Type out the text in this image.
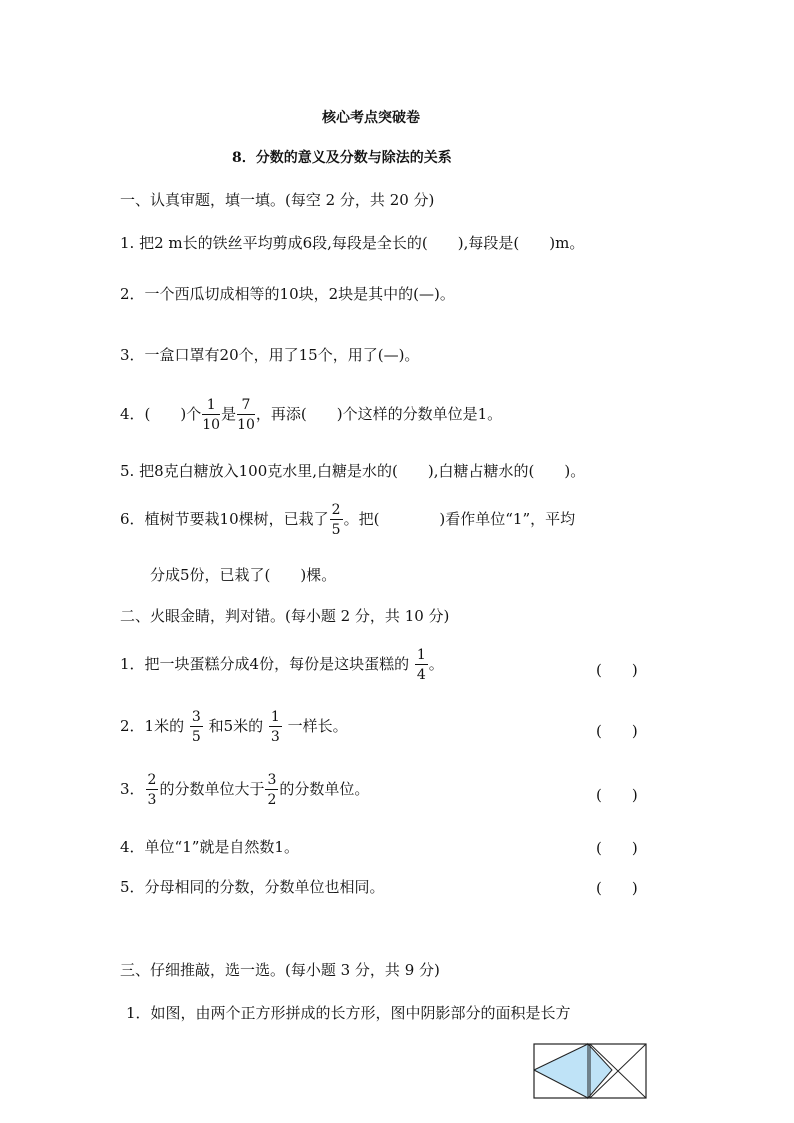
核心考点突破卷
8．分数的意义及分数与除法的关系
一、认真审题，填一填。(每空 2 分，共 20 分)
1. 把2 m长的铁丝平均剪成6段,每段是全长的(　　),每段是(　　)m。
2．一个西瓜切成相等的10块，2块是其中的(—)。
3．一盒口罩有20个，用了15个，用了(—)。
4．(　　)个 $\frac{1}{10}$ 是 $\frac{7}{10}$ ，再添(　　)个这样的分数单位是1。
5. 把8克白糖放入100克水里,白糖是水的(　　),白糖占糖水的(　　)。
6．植树节要栽10棵树，已栽了 $\frac{2}{5}$ 。把(　　　　)看作单位“1”，平均
分成5份，已栽了(　　)棵。
二、火眼金睛，判对错。(每小题 2 分，共 10 分)
1．把一块蛋糕分成4份，每份是这块蛋糕的 $\frac{1}{4}$ 。	(　　)
2．1米的 $\frac{3}{5}$ 和5米的 $\frac{1}{3}$ 一样长。	(　　)
3． $\frac{2}{3}$ 的分数单位大于 $\frac{3}{2}$ 的分数单位。	(　　)
4．单位“1”就是自然数1。	(　　)
5．分母相同的分数，分数单位也相同。	(　　)
三、仔细推敲，选一选。(每小题 3 分，共 9 分)
1．如图，由两个正方形拼成的长方形，图中阴影部分的面积是长方
